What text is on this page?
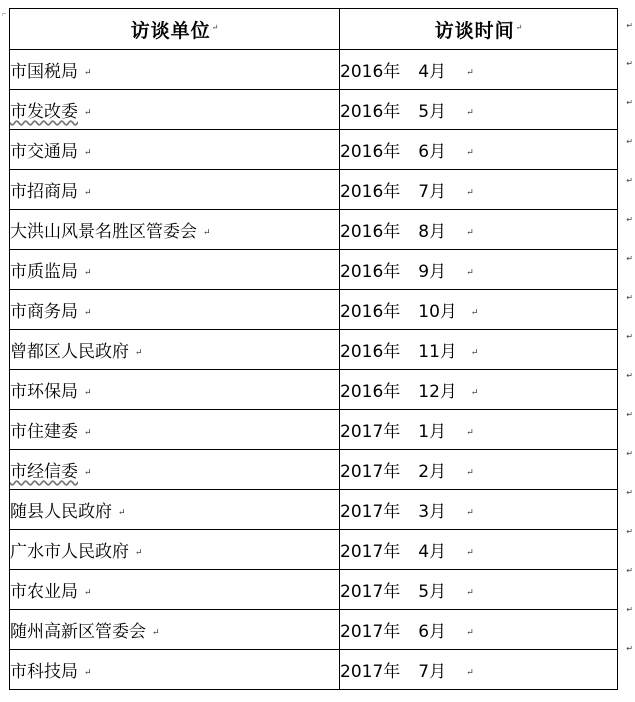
⌐
访谈单位↵	访谈时间↵
市国税局 ↵	2016年 4月 ↵
市发改委 ↵	2016年 5月 ↵
市交通局 ↵	2016年 6月 ↵
市招商局 ↵	2016年 7月 ↵
大洪山风景名胜区管委会 ↵	2016年 8月 ↵
市质监局 ↵	2016年 9月 ↵
市商务局 ↵	2016年 10月 ↵
曾都区人民政府 ↵	2016年 11月 ↵
市环保局 ↵	2016年 12月 ↵
市住建委 ↵	2017年 1月 ↵
市经信委 ↵	2017年 2月 ↵
随县人民政府 ↵	2017年 3月 ↵
广水市人民政府 ↵	2017年 4月 ↵
市农业局 ↵	2017年 5月 ↵
随州高新区管委会 ↵	2017年 6月 ↵
市科技局 ↵	2017年 7月 ↵
↵
↵
↵
↵
↵
↵
↵
↵
↵
↵
↵
↵
↵
↵
↵
↵
↵
